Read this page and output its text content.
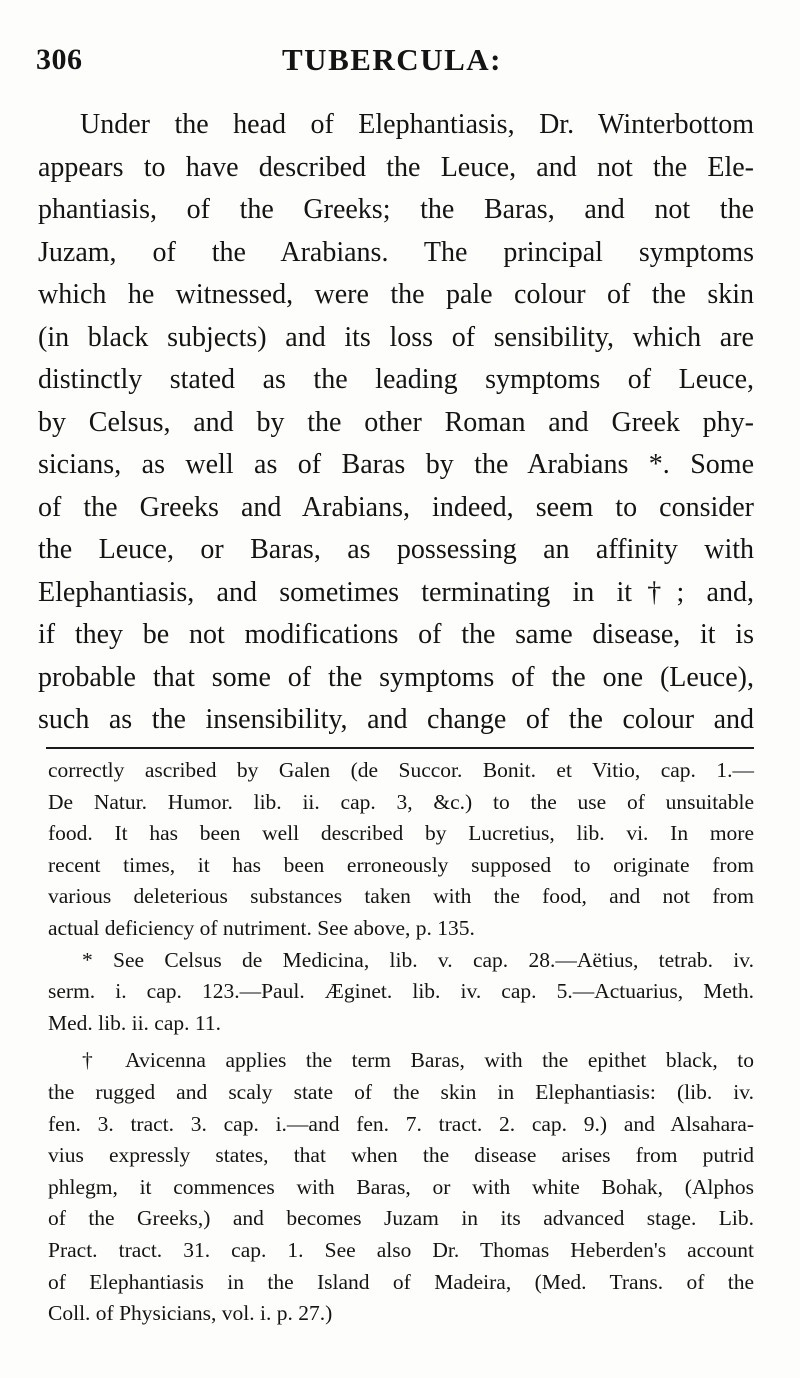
306	TUBERCULA:
Under the head of Elephantiasis, Dr. Winterbottom
appears to have described the Leuce, and not the Ele-
phantiasis, of the Greeks; the Baras, and not the
Juzam, of the Arabians. The principal symptoms
which he witnessed, were the pale colour of the skin
(in black subjects) and its loss of sensibility, which are
distinctly stated as the leading symptoms of Leuce,
by Celsus, and by the other Roman and Greek phy-
sicians, as well as of Baras by the Arabians *. Some
of the Greeks and Arabians, indeed, seem to consider
the Leuce, or Baras, as possessing an affinity with
Elephantiasis, and sometimes terminating in it†; and,
if they be not modifications of the same disease, it is
probable that some of the symptoms of the one (Leuce),
such as the insensibility, and change of the colour and
correctly ascribed by Galen (de Succor. Bonit. et Vitio, cap. 1.—
De Natur. Humor. lib. ii. cap. 3, &c.) to the use of unsuitable
food. It has been well described by Lucretius, lib. vi. In more
recent times, it has been erroneously supposed to originate from
various deleterious substances taken with the food, and not from
actual deficiency of nutriment. See above, p. 135.
* See Celsus de Medicina, lib. v. cap. 28.—Aëtius, tetrab. iv.
serm. i. cap. 123.—Paul. Æginet. lib. iv. cap. 5.—Actuarius, Meth.
Med. lib. ii. cap. 11.
† Avicenna applies the term Baras, with the epithet black, to
the rugged and scaly state of the skin in Elephantiasis: (lib. iv.
fen. 3. tract. 3. cap. i.—and fen. 7. tract. 2. cap. 9.) and Alsahara-
vius expressly states, that when the disease arises from putrid
phlegm, it commences with Baras, or with white Bohak, (Alphos
of the Greeks,) and becomes Juzam in its advanced stage. Lib.
Pract. tract. 31. cap. 1. See also Dr. Thomas Heberden's account
of Elephantiasis in the Island of Madeira, (Med. Trans. of the
Coll. of Physicians, vol. i. p. 27.)
